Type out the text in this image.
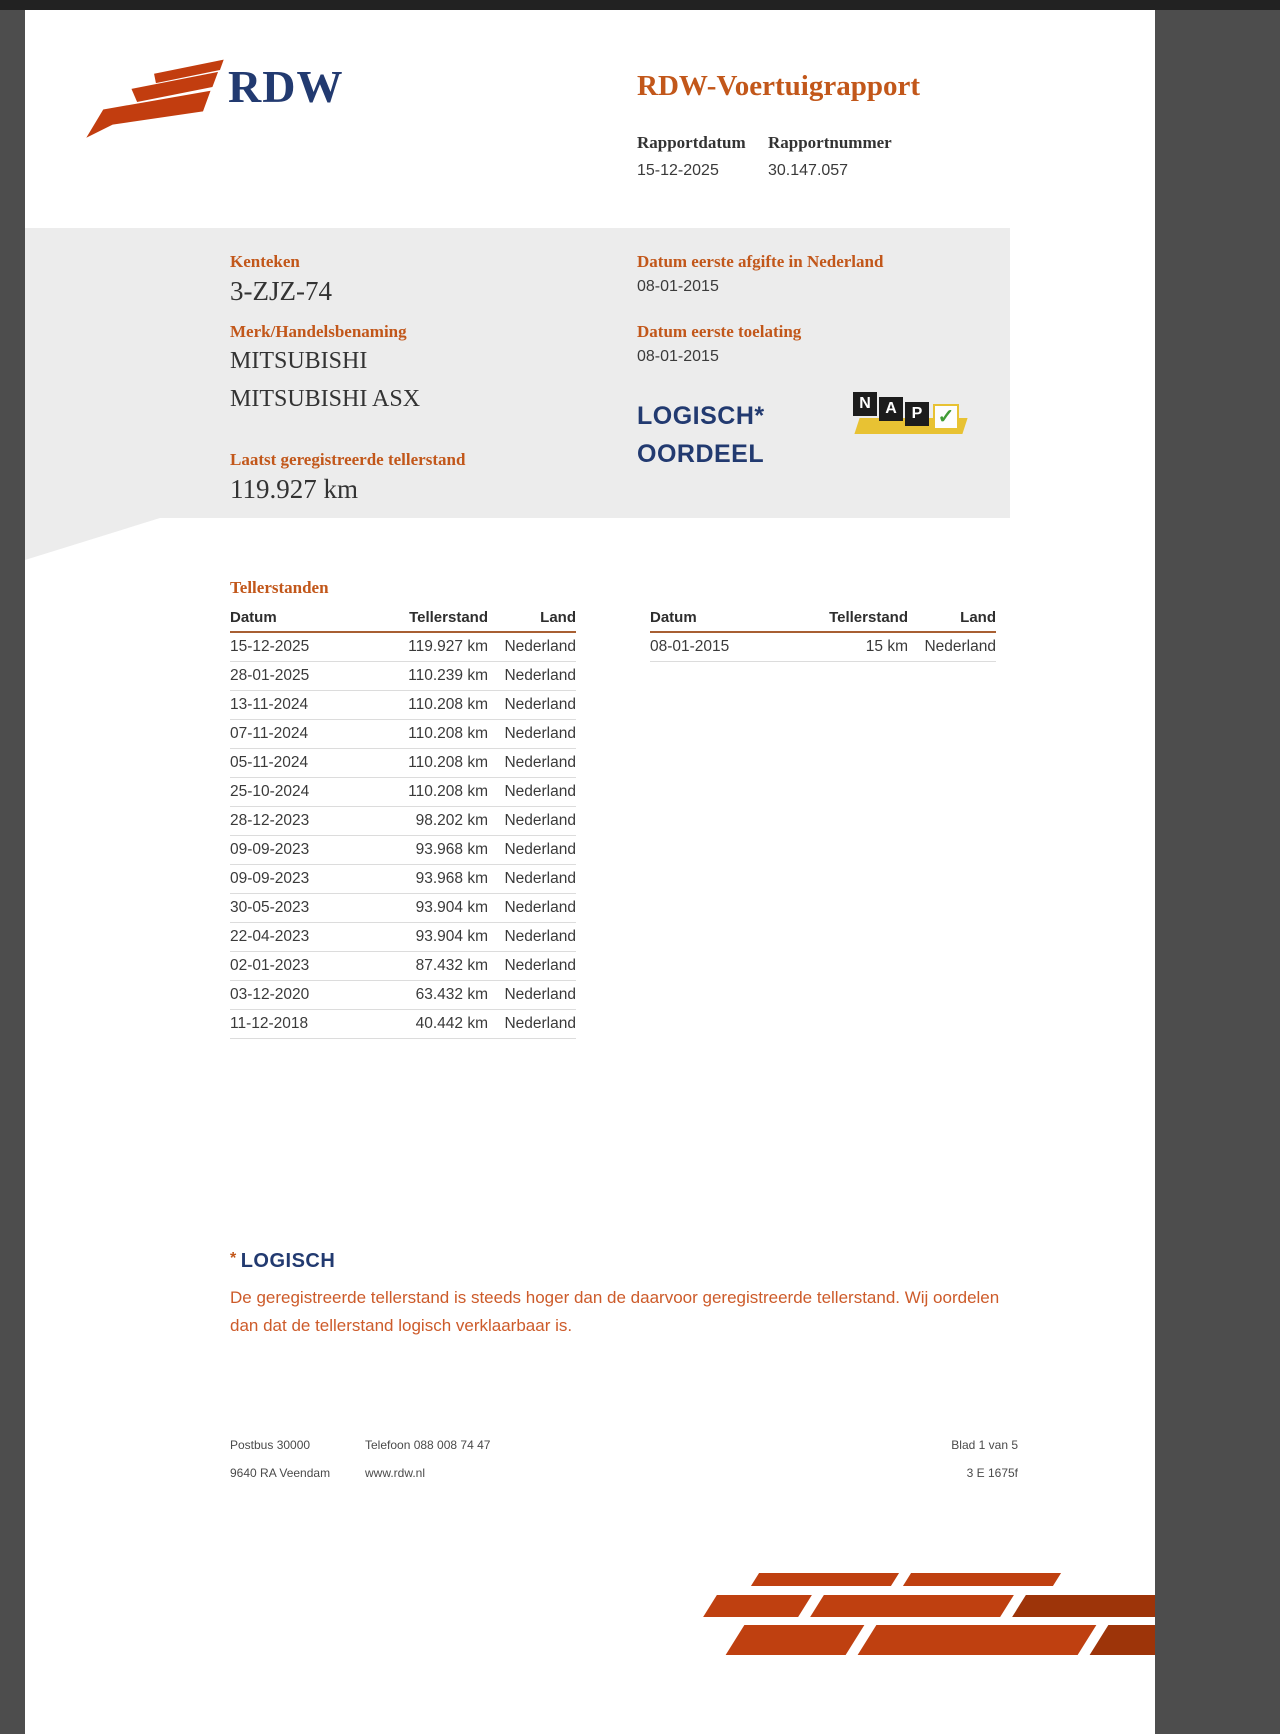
RDW	RDW-Voertuigrapport
Rapportdatum Rapportnummer
15-12-2025	30.147.057
Kenteken
3-ZJZ-74
Merk/Handelsbenaming
MITSUBISHI
MITSUBISHI ASX
Laatst geregistreerde tellerstand
119.927 km
Datum eerste afgifte in Nederland
08-01-2015
Datum eerste toelating
08-01-2015
LOGISCH*
OORDEEL
N A P ✓
Tellerstanden
Datum	Tellerstand	Land
15-12-2025	119.927 km	Nederland
28-01-2025	110.239 km	Nederland
13-11-2024	110.208 km	Nederland
07-11-2024	110.208 km	Nederland
05-11-2024	110.208 km	Nederland
25-10-2024	110.208 km	Nederland
28-12-2023	98.202 km	Nederland
09-09-2023	93.968 km	Nederland
09-09-2023	93.968 km	Nederland
30-05-2023	93.904 km	Nederland
22-04-2023	93.904 km	Nederland
02-01-2023	87.432 km	Nederland
03-12-2020	63.432 km	Nederland
11-12-2018	40.442 km	Nederland
Datum	Tellerstand	Land
08-01-2015	15 km	Nederland
* LOGISCH
De geregistreerde tellerstand is steeds hoger dan de daarvoor geregistreerde tellerstand. Wij oordelen dan dat de tellerstand logisch verklaarbaar is.
Postbus 30000
9640 RA Veendam
Telefoon 088 008 74 47
www.rdw.nl
Blad 1 van 5
3 E 1675f
